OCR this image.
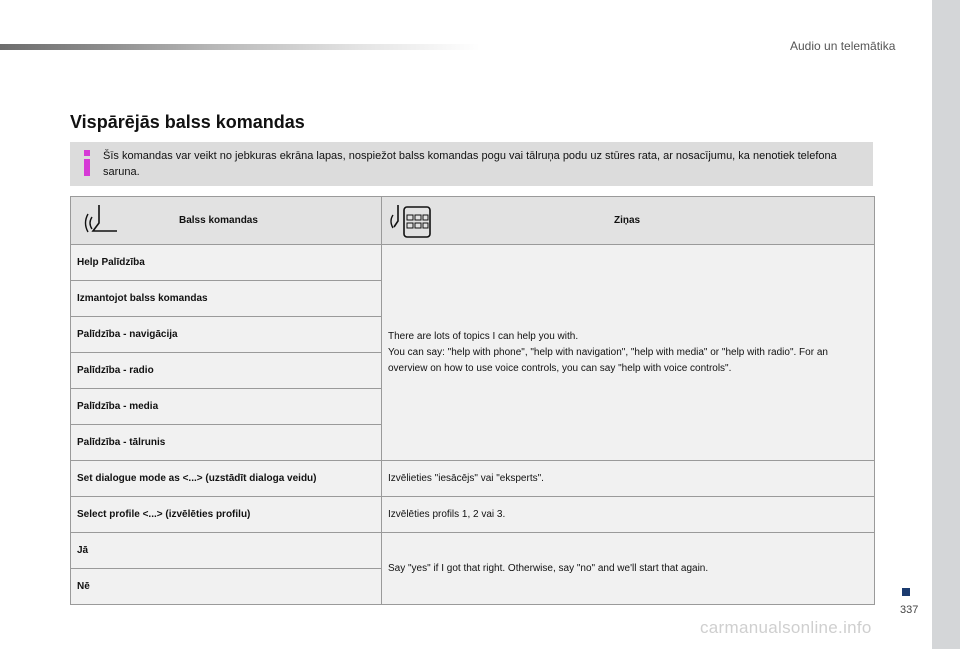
Audio un telemātika
Vispārējās balss komandas
Šīs komandas var veikt no jebkuras ekrāna lapas, nospiežot balss komandas pogu vai tālruņa podu uz stūres rata, ar nosacījumu, ka nenotiek telefona saruna.
Balss komandas	Ziņas

Help Palīdzība	There are lots of topics I can help you with.
You can say: "help with phone", "help with navigation", "help with media" or "help with radio". For an overview on how to use voice controls, you can say "help with voice controls".

Izmantojot balss komandas	
Palīdzība - navigācija	
Palīdzība - radio	
Palīdzība - media	
Palīdzība - tālrunis	
Set dialogue mode as <...> (uzstādīt dialoga veidu)	Izvēlieties "iesācējs" vai "eksperts".
Select profile <...> (izvēlēties profilu)	Izvēlēties profils 1, 2 vai 3.
Jā	Say "yes" if I got that right. Otherwise, say "no" and we'll start that again.
Nē	
337
carmanualsonline.info
